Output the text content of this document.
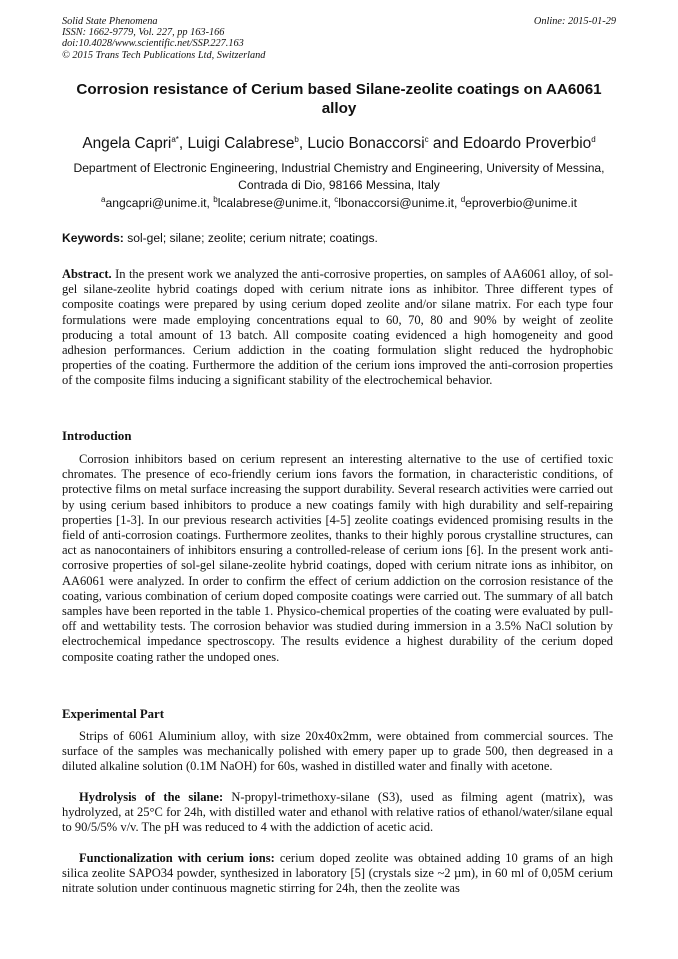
Solid State Phenomena
ISSN: 1662-9779, Vol. 227, pp 163-166
doi:10.4028/www.scientific.net/SSP.227.163
© 2015 Trans Tech Publications Ltd, Switzerland
Online: 2015-01-29
Corrosion resistance of Cerium based Silane-zeolite coatings on AA6061 alloy
Angela Capri$^{a*}$, Luigi Calabrese$^b$, Lucio Bonaccorsi$^c$ and Edoardo Proverbio$^d$
Department of Electronic Engineering, Industrial Chemistry and Engineering, University of Messina, Contrada di Dio, 98166 Messina, Italy
$^a$angcapri@unime.it, $^b$lcalabrese@unime.it, $^c$lbonaccorsi@unime.it, $^d$eproverbio@unime.it
Keywords: sol-gel; silane; zeolite; cerium nitrate; coatings.

Abstract. In the present work we analyzed the anti-corrosive properties, on samples of AA6061 alloy, of sol-gel silane-zeolite hybrid coatings doped with cerium nitrate ions as inhibitor. Three different types of composite coatings were prepared by using cerium doped zeolite and/or silane matrix. For each type four formulations were made employing concentrations equal to 60, 70, 80 and 90% by weight of zeolite producing a total amount of 13 batch. All composite coating evidenced a high homogeneity and good adhesion performances. Cerium addiction in the coating formulation slight reduced the hydrophobic properties of the coating. Furthermore the addition of the cerium ions improved the anti-corrosion properties of the composite films inducing a significant stability of the electrochemical behavior.

Introduction

Corrosion inhibitors based on cerium represent an interesting alternative to the use of certified toxic chromates. The presence of eco-friendly cerium ions favors the formation, in characteristic conditions, of protective films on metal surface increasing the support durability. Several research activities were carried out by using cerium based inhibitors to produce a new coatings family with high durability and self-repairing properties [1-3]. In our previous research activities [4-5] zeolite coatings evidenced promising results in the field of anti-corrosion coatings. Furthermore zeolites, thanks to their highly porous crystalline structures, can act as nanocontainers of inhibitors ensuring a controlled-release of cerium ions [6]. In the present work anti-corrosive properties of sol-gel silane-zeolite hybrid coatings, doped with cerium nitrate ions as inhibitor, on AA6061 were analyzed. In order to confirm the effect of cerium addiction on the corrosion resistance of the coating, various combination of cerium doped composite coatings were carried out. The summary of all batch samples have been reported in the table 1. Physico-chemical properties of the coating were evaluated by pull-off and wettability tests. The corrosion behavior was studied during immersion in a 3.5% NaCl solution by electrochemical impedance spectroscopy. The results evidence a highest durability of the cerium doped composite coating rather the undoped ones.

Experimental Part

Strips of 6061 Aluminium alloy, with size 20x40x2mm, were obtained from commercial sources. The surface of the samples was mechanically polished with emery paper up to grade 500, then degreased in a diluted alkaline solution (0.1M NaOH) for 60s, washed in distilled water and finally with acetone.

Hydrolysis of the silane: N-propyl-trimethoxy-silane (S3), used as filming agent (matrix), was hydrolyzed, at 25°C for 24h, with distilled water and ethanol with relative ratios of ethanol/water/silane equal to 90/5/5% v/v. The pH was reduced to 4 with the addiction of acetic acid.

Functionalization with cerium ions: cerium doped zeolite was obtained adding 10 grams of an high silica zeolite SAPO34 powder, synthesized in laboratory [5] (crystals size ~2 µm), in 60 ml of 0,05M cerium nitrate solution under continuous magnetic stirring for 24h, then the zeolite was
